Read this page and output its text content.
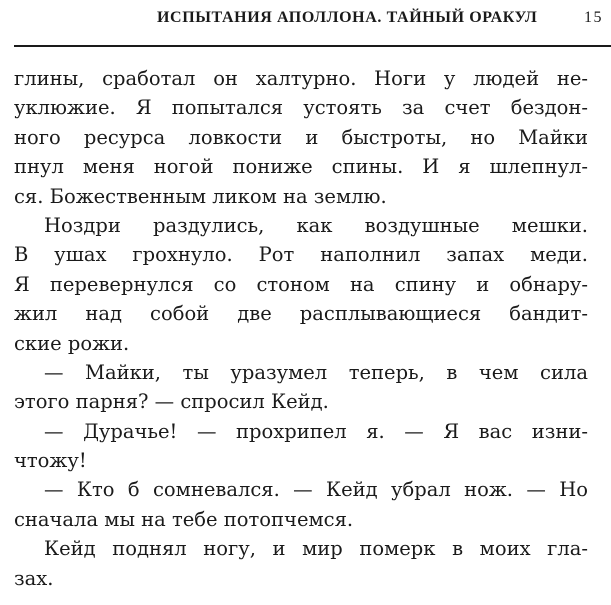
ИСПЫТАНИЯ АПОЛЛОНА. ТАЙНЫЙ ОРАКУЛ	15
глины, сработал он халтурно. Ноги у людей не-
уклюжие. Я попытался устоять за счет бездон-
ного ресурса ловкости и быстроты, но Майки
пнул меня ногой пониже спины. И я шлепнул-
ся. Божественным ликом на землю.
Ноздри раздулись, как воздушные мешки.
В ушах грохнуло. Рот наполнил запах меди.
Я перевернулся со стоном на спину и обнару-
жил над собой две расплывающиеся бандит-
ские рожи.
— Майки, ты уразумел теперь, в чем сила
этого парня? — спросил Кейд.
— Дурачье! — прохрипел я. — Я вас изни-
чтожу!
— Кто б сомневался. — Кейд убрал нож. — Но
сначала мы на тебе потопчемся.
Кейд поднял ногу, и мир померк в моих гла-
зах.
